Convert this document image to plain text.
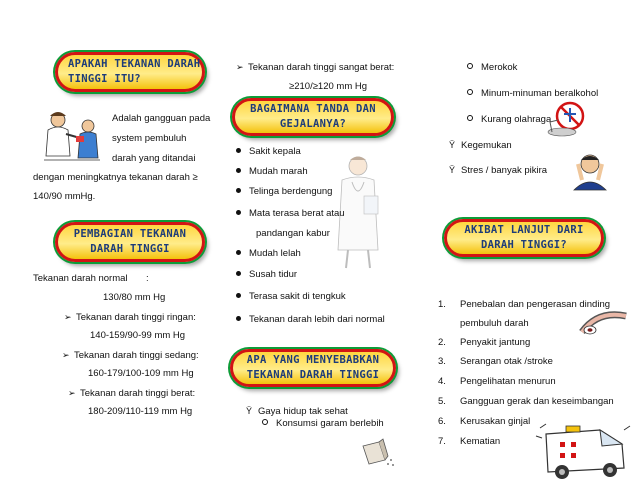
APAKAH TEKANAN DARAH
TINGGI ITU?
Adalah gangguan pada
system pembuluh
darah yang ditandai
dengan meningkatnya tekanan darah ≥
140/90 mmHg.
PEMBAGIAN TEKANAN
DARAH TINGGI
Tekanan darah normal :
130/80 mm Hg
➢ Tekanan darah tinggi ringan:
140-159/90-99 mm Hg
➢ Tekanan darah tinggi sedang:
160-179/100-109 mm Hg
➢ Tekanan darah tinggi berat:
180-209/110-119 mm Hg
➢ Tekanan darah tinggi sangat berat:
≥210/≥120 mm Hg
BAGAIMANA TANDA DAN
GEJALANYA?
Sakit kepala
Mudah marah
Telinga berdengung
Mata terasa berat atau
pandangan kabur
Mudah lelah
Susah tidur
Terasa sakit di tengkuk
Tekanan darah lebih dari normal
APA YANG MENYEBABKAN
TEKANAN DARAH TINGGI
Ÿ Gaya hidup tak sehat
Konsumsi garam berlebih
Merokok
Minum-minuman beralkohol
Kurang olahraga
Ÿ Kegemukan
Ÿ Stres / banyak pikira
AKIBAT LANJUT DARI
DARAH TINGGI?
1. Penebalan dan pengerasan dinding
pembuluh darah
2. Penyakit jantung
3. Serangan otak /stroke
4. Pengelihatan menurun
5. Gangguan gerak dan keseimbangan
6. Kerusakan ginjal
7. Kematian
